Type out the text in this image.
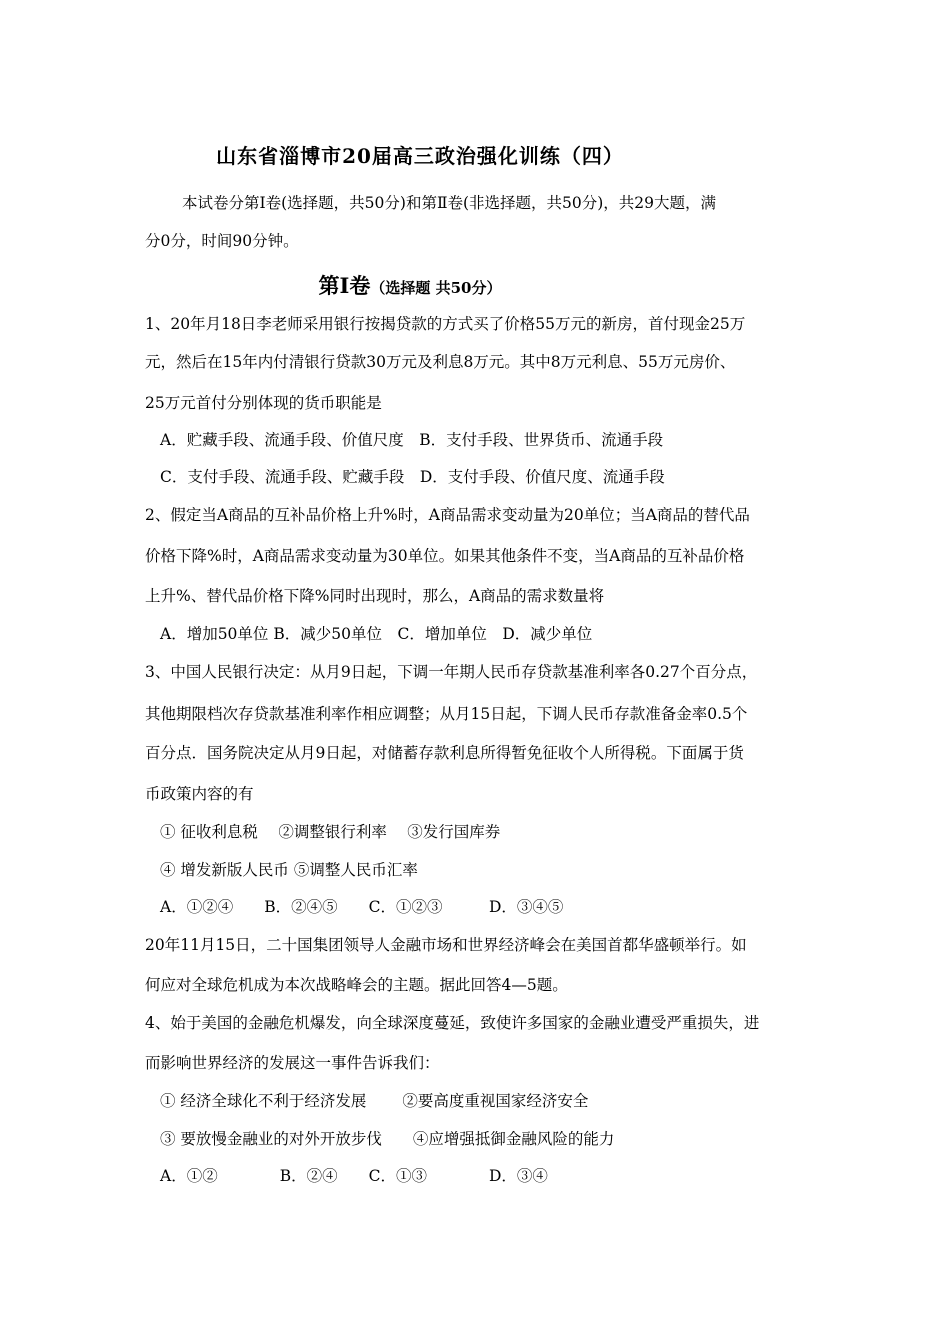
山东省淄博市20届高三政治强化训练（四）
本试卷分第Ⅰ卷(选择题，共50分)和第Ⅱ卷(非选择题，共50分)，共29大题，满
分0分，时间90分钟。
第Ⅰ卷（选择题 共50分）
1、20年月18日李老师采用银行按揭贷款的方式买了价格55万元的新房，首付现金25万
元，然后在15年内付清银行贷款30万元及利息8万元。其中8万元利息、55万元房价、
25万元首付分别体现的货币职能是
A．贮藏手段、流通手段、价值尺度　B．支付手段、世界货币、流通手段
C．支付手段、流通手段、贮藏手段　D．支付手段、价值尺度、流通手段
2、假定当A商品的互补品价格上升%时，A商品需求变动量为20单位；当A商品的替代品
价格下降%时，A商品需求变动量为30单位。如果其他条件不变，当A商品的互补品价格
上升%、替代品价格下降%同时出现时，那么，A商品的需求数量将
A．增加50单位 B．减少50单位　C．增加单位　D．减少单位
3、中国人民银行决定：从月9日起，下调一年期人民币存贷款基准利率各0.27个百分点，
其他期限档次存贷款基准利率作相应调整；从月15日起，下调人民币存款准备金率0.5个
百分点．国务院决定从月9日起，对储蓄存款利息所得暂免征收个人所得税。下面属于货
币政策内容的有
① 征收利息税　 ②调整银行利率　 ③发行国库券
④ 增发新版人民币 ⑤调整人民币汇率
A．①②④　　B．②④⑤　　C．①②③　　　D．③④⑤
20年11月15日，二十国集团领导人金融市场和世界经济峰会在美国首都华盛顿举行。如
何应对全球危机成为本次战略峰会的主题。据此回答4—5题。
4、始于美国的金融危机爆发，向全球深度蔓延，致使许多国家的金融业遭受严重损失，进
而影响世界经济的发展这一事件告诉我们：
① 经济全球化不利于经济发展　　 ②要高度重视国家经济安全
③ 要放慢金融业的对外开放步伐　　④应增强抵御金融风险的能力
A．①②　　　　B．②④　　C．①③　　　　D．③④
